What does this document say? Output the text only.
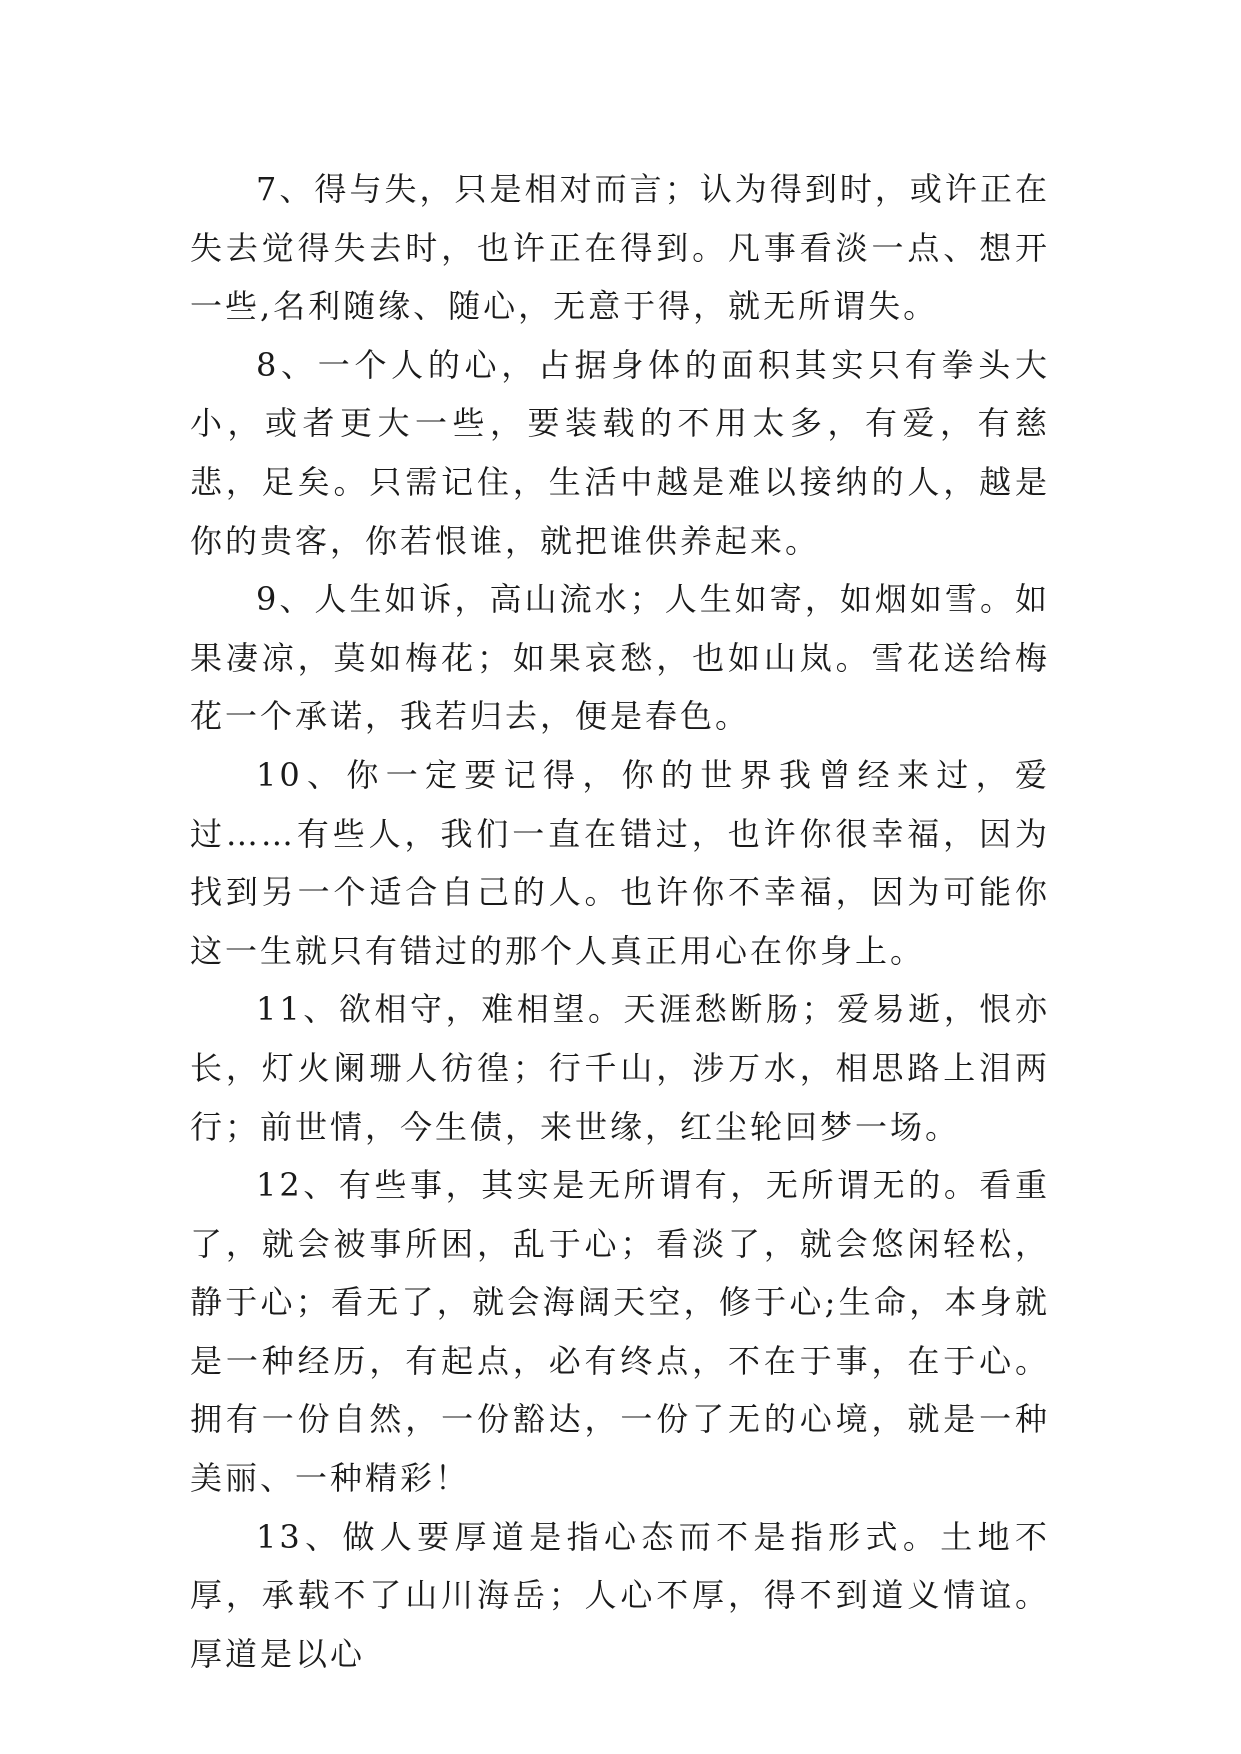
7、得与失，只是相对而言；认为得到时，或许正在失去觉得失去时，也许正在得到。凡事看淡一点、想开一些,名利随缘、随心，无意于得，就无所谓失。

8、一个人的心，占据身体的面积其实只有拳头大小，或者更大一些，要装载的不用太多，有爱，有慈悲，足矣。只需记住，生活中越是难以接纳的人，越是你的贵客，你若恨谁，就把谁供养起来。

9、人生如诉，高山流水；人生如寄，如烟如雪。如果凄凉，莫如梅花；如果哀愁，也如山岚。雪花送给梅花一个承诺，我若归去，便是春色。

10、你一定要记得，你的世界我曾经来过，爱过……有些人，我们一直在错过，也许你很幸福，因为找到另一个适合自己的人。也许你不幸福，因为可能你这一生就只有错过的那个人真正用心在你身上。

11、欲相守，难相望。天涯愁断肠；爱易逝，恨亦长，灯火阑珊人彷徨；行千山，涉万水，相思路上泪两行；前世情，今生债，来世缘，红尘轮回梦一场。

12、有些事，其实是无所谓有，无所谓无的。看重了，就会被事所困，乱于心；看淡了，就会悠闲轻松，静于心；看无了，就会海阔天空，修于心;生命，本身就是一种经历，有起点，必有终点，不在于事，在于心。拥有一份自然，一份豁达，一份了无的心境，就是一种美丽、一种精彩！

13、做人要厚道是指心态而不是指形式。土地不厚，承载不了山川海岳；人心不厚，得不到道义情谊。厚道是以心
